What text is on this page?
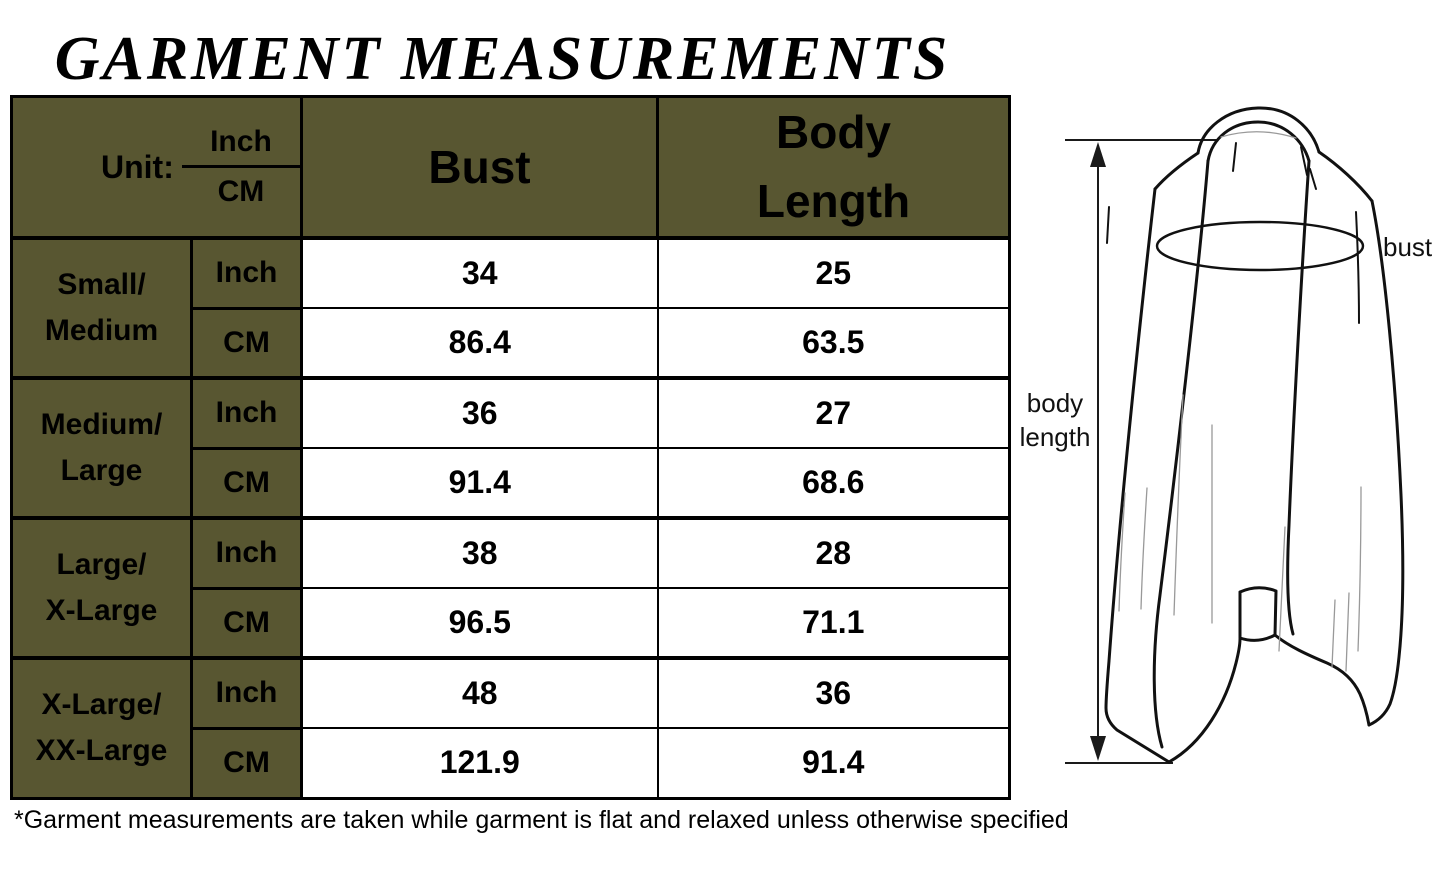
GARMENT MEASUREMENTS
Unit: $\frac{\text{Inch}}{CM}$		Bust	Body Length

Small/
Medium	Inch	34	25
	CM	86.4	63.5

Medium/
Large	Inch	36	27
	CM	91.4	68.6

Large/
X-Large	Inch	38	28
	CM	96.5	71.1

X-Large/
XX-Large	Inch	48	36
	CM	121.9	91.4
*Garment measurements are taken while garment is flat and relaxed unless otherwise specified
bust
body
length
